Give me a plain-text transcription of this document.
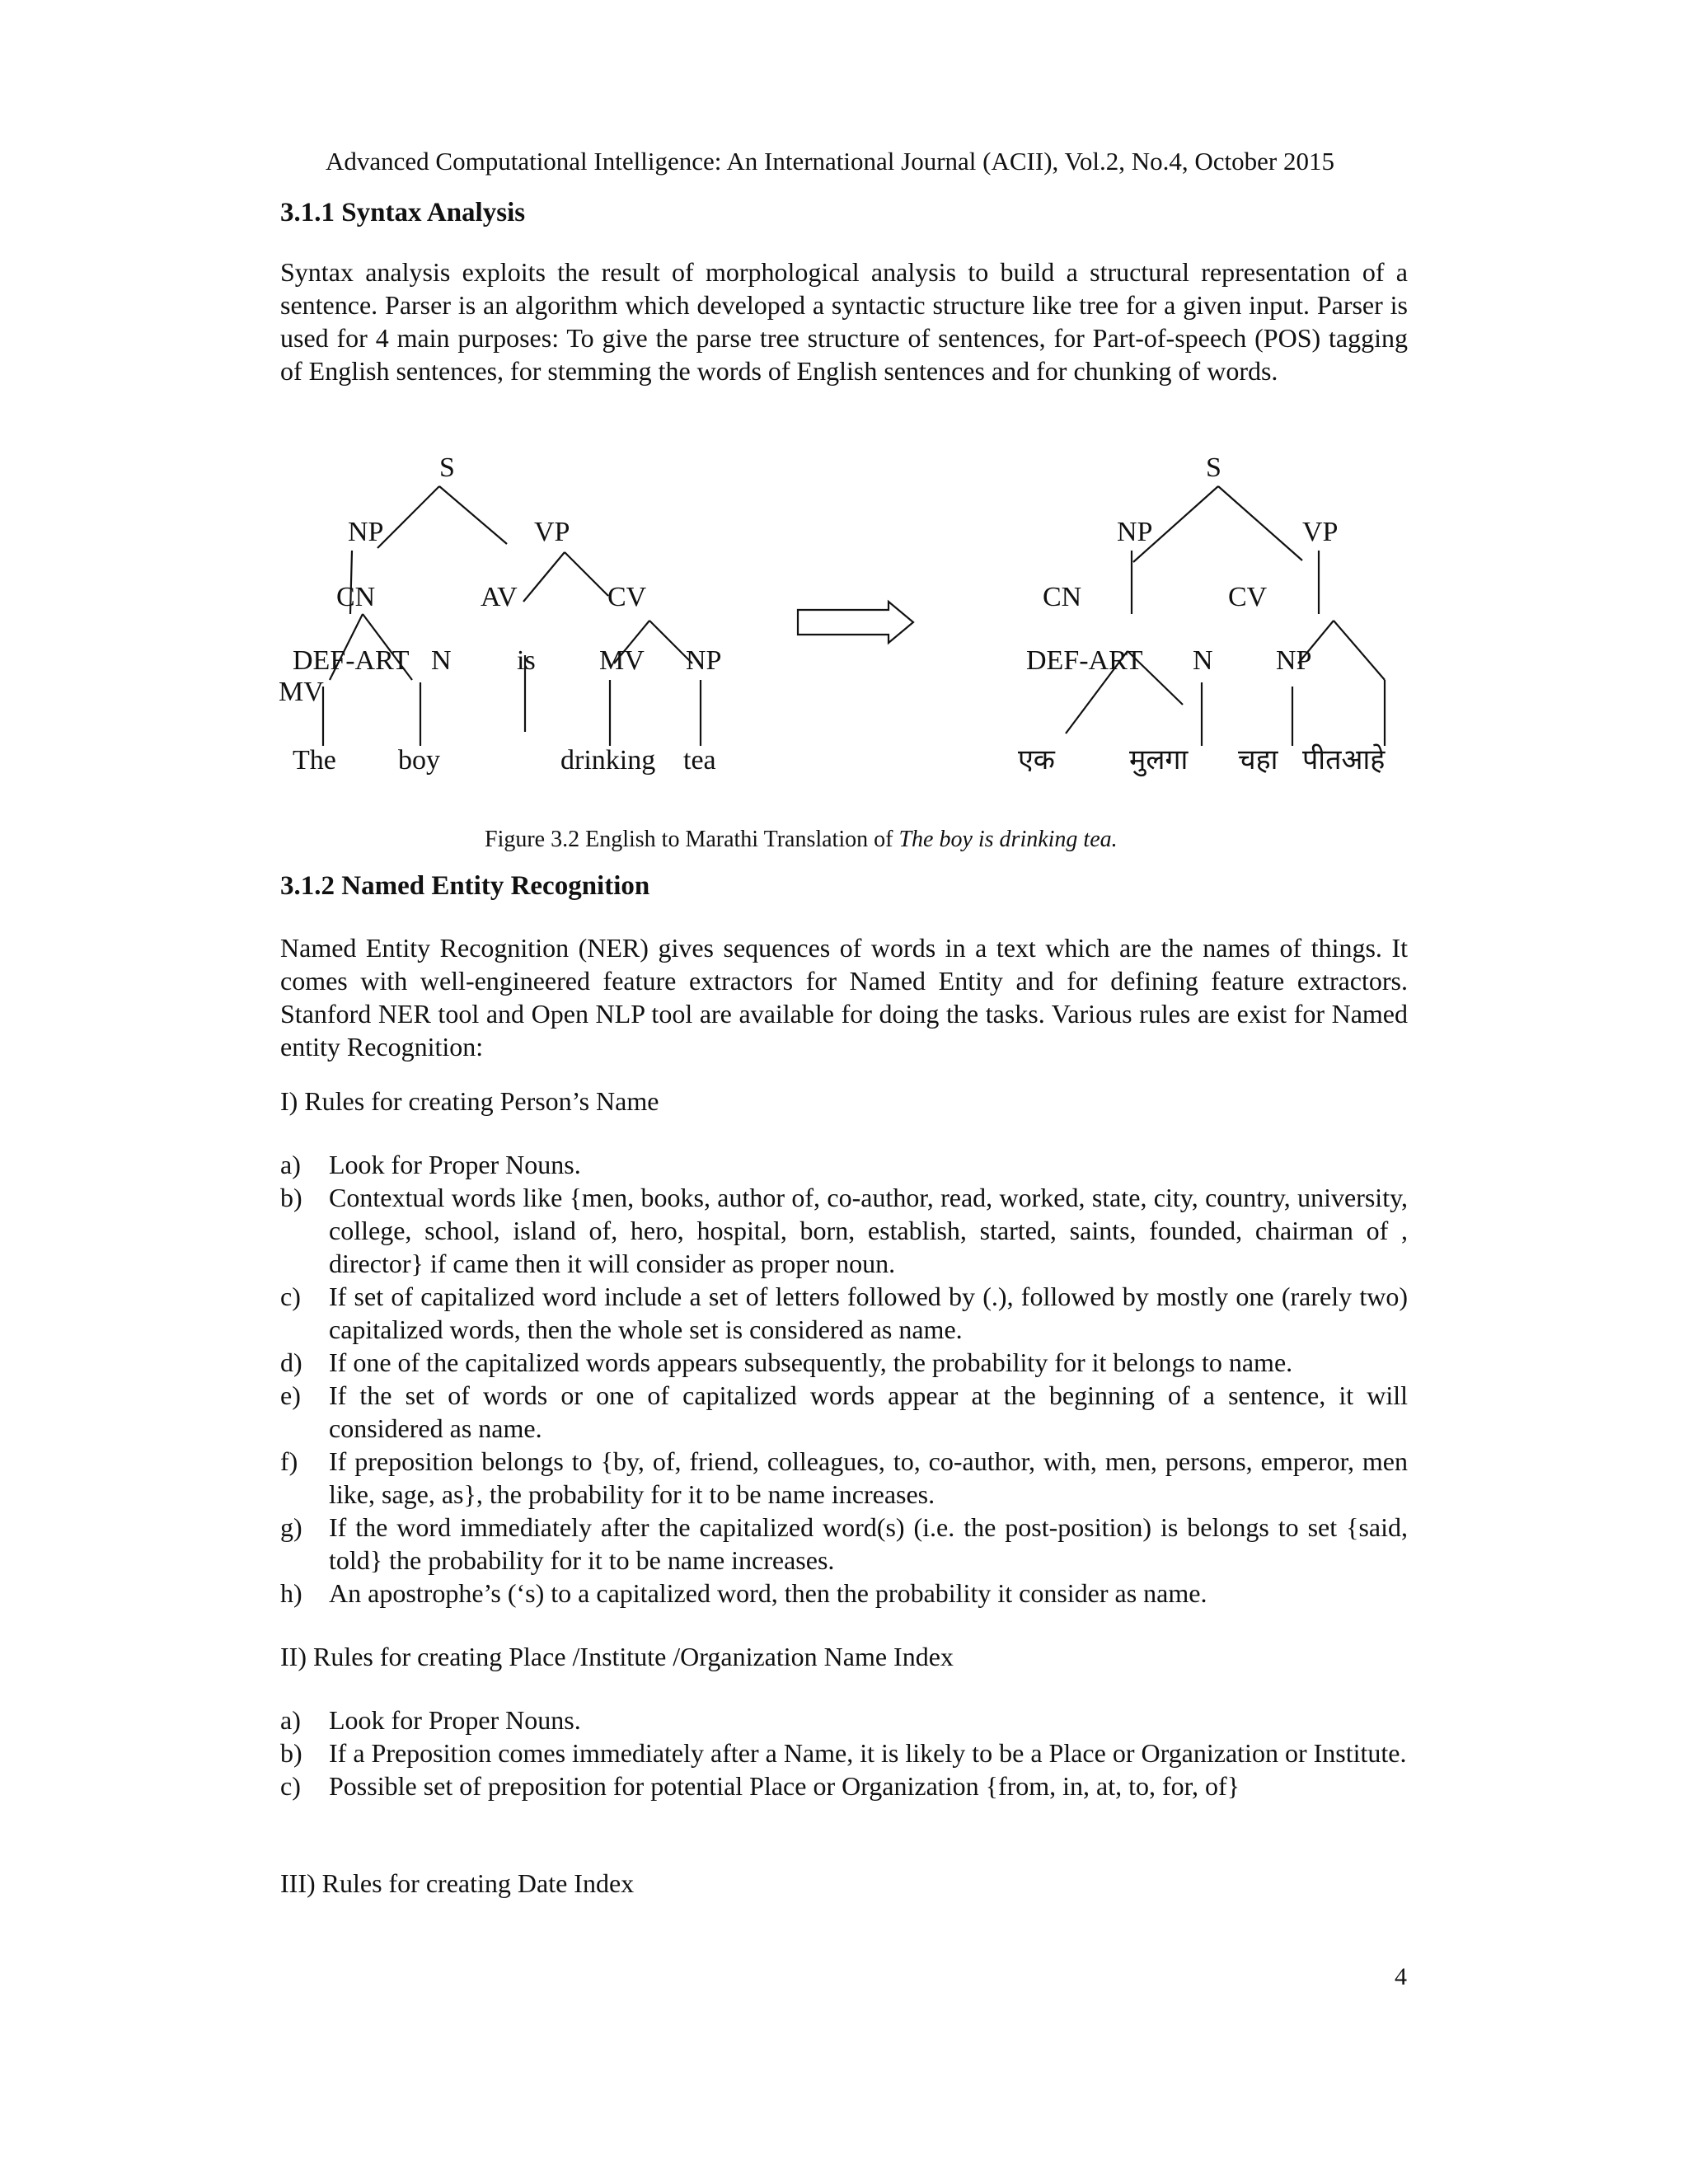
Advanced Computational Intelligence: An International Journal (ACII), Vol.2, No.4, October 2015
3.1.1 Syntax Analysis

Syntax analysis exploits the result of morphological analysis to build a structural representation of a sentence. Parser is an algorithm which developed a syntactic structure like tree for a given input. Parser is used for 4 main purposes: To give the parse tree structure of sentences, for Part-of-speech (POS) tagging of English sentences, for stemming the words of English sentences and for chunking of words.

S
NP	VP
CN	AV	CV
DEF-ART N is MV NP
MV
The boy	drinking tea
S
NP	VP
CN	CV
DEF-ART N NP
एक	मुलगा चहा पीतआहे
Figure 3.2 English to Marathi Translation of The boy is drinking tea.
3.1.2 Named Entity Recognition

Named Entity Recognition (NER) gives sequences of words in a text which are the names of things. It comes with well-engineered feature extractors for Named Entity and for defining feature extractors. Stanford NER tool and Open NLP tool are available for doing the tasks. Various rules are exist for Named entity Recognition:

I) Rules for creating Person’s Name
a) Look for Proper Nouns.
b) Contextual words like {men, books, author of, co-author, read, worked, state, city, country, university, college, school, island of, hero, hospital, born, establish, started, saints, founded, chairman of , director} if came then it will consider as proper noun.
c) If set of capitalized word include a set of letters followed by (.), followed by mostly one (rarely two) capitalized words, then the whole set is considered as name.
d) If one of the capitalized words appears subsequently, the probability for it belongs to name.
e) If the set of words or one of capitalized words appear at the beginning of a sentence, it will considered as name.
f) If preposition belongs to {by, of, friend, colleagues, to, co-author, with, men, persons, emperor, men like, sage, as}, the probability for it to be name increases.
g) If the word immediately after the capitalized word(s) (i.e. the post-position) is belongs to set {said, told} the probability for it to be name increases.
h) An apostrophe’s (‘s) to a capitalized word, then the probability it consider as name.
II) Rules for creating Place /Institute /Organization Name Index
a) Look for Proper Nouns.
b) If a Preposition comes immediately after a Name, it is likely to be a Place or Organization or Institute.
c) Possible set of preposition for potential Place or Organization {from, in, at, to, for, of}
III) Rules for creating Date Index
4
